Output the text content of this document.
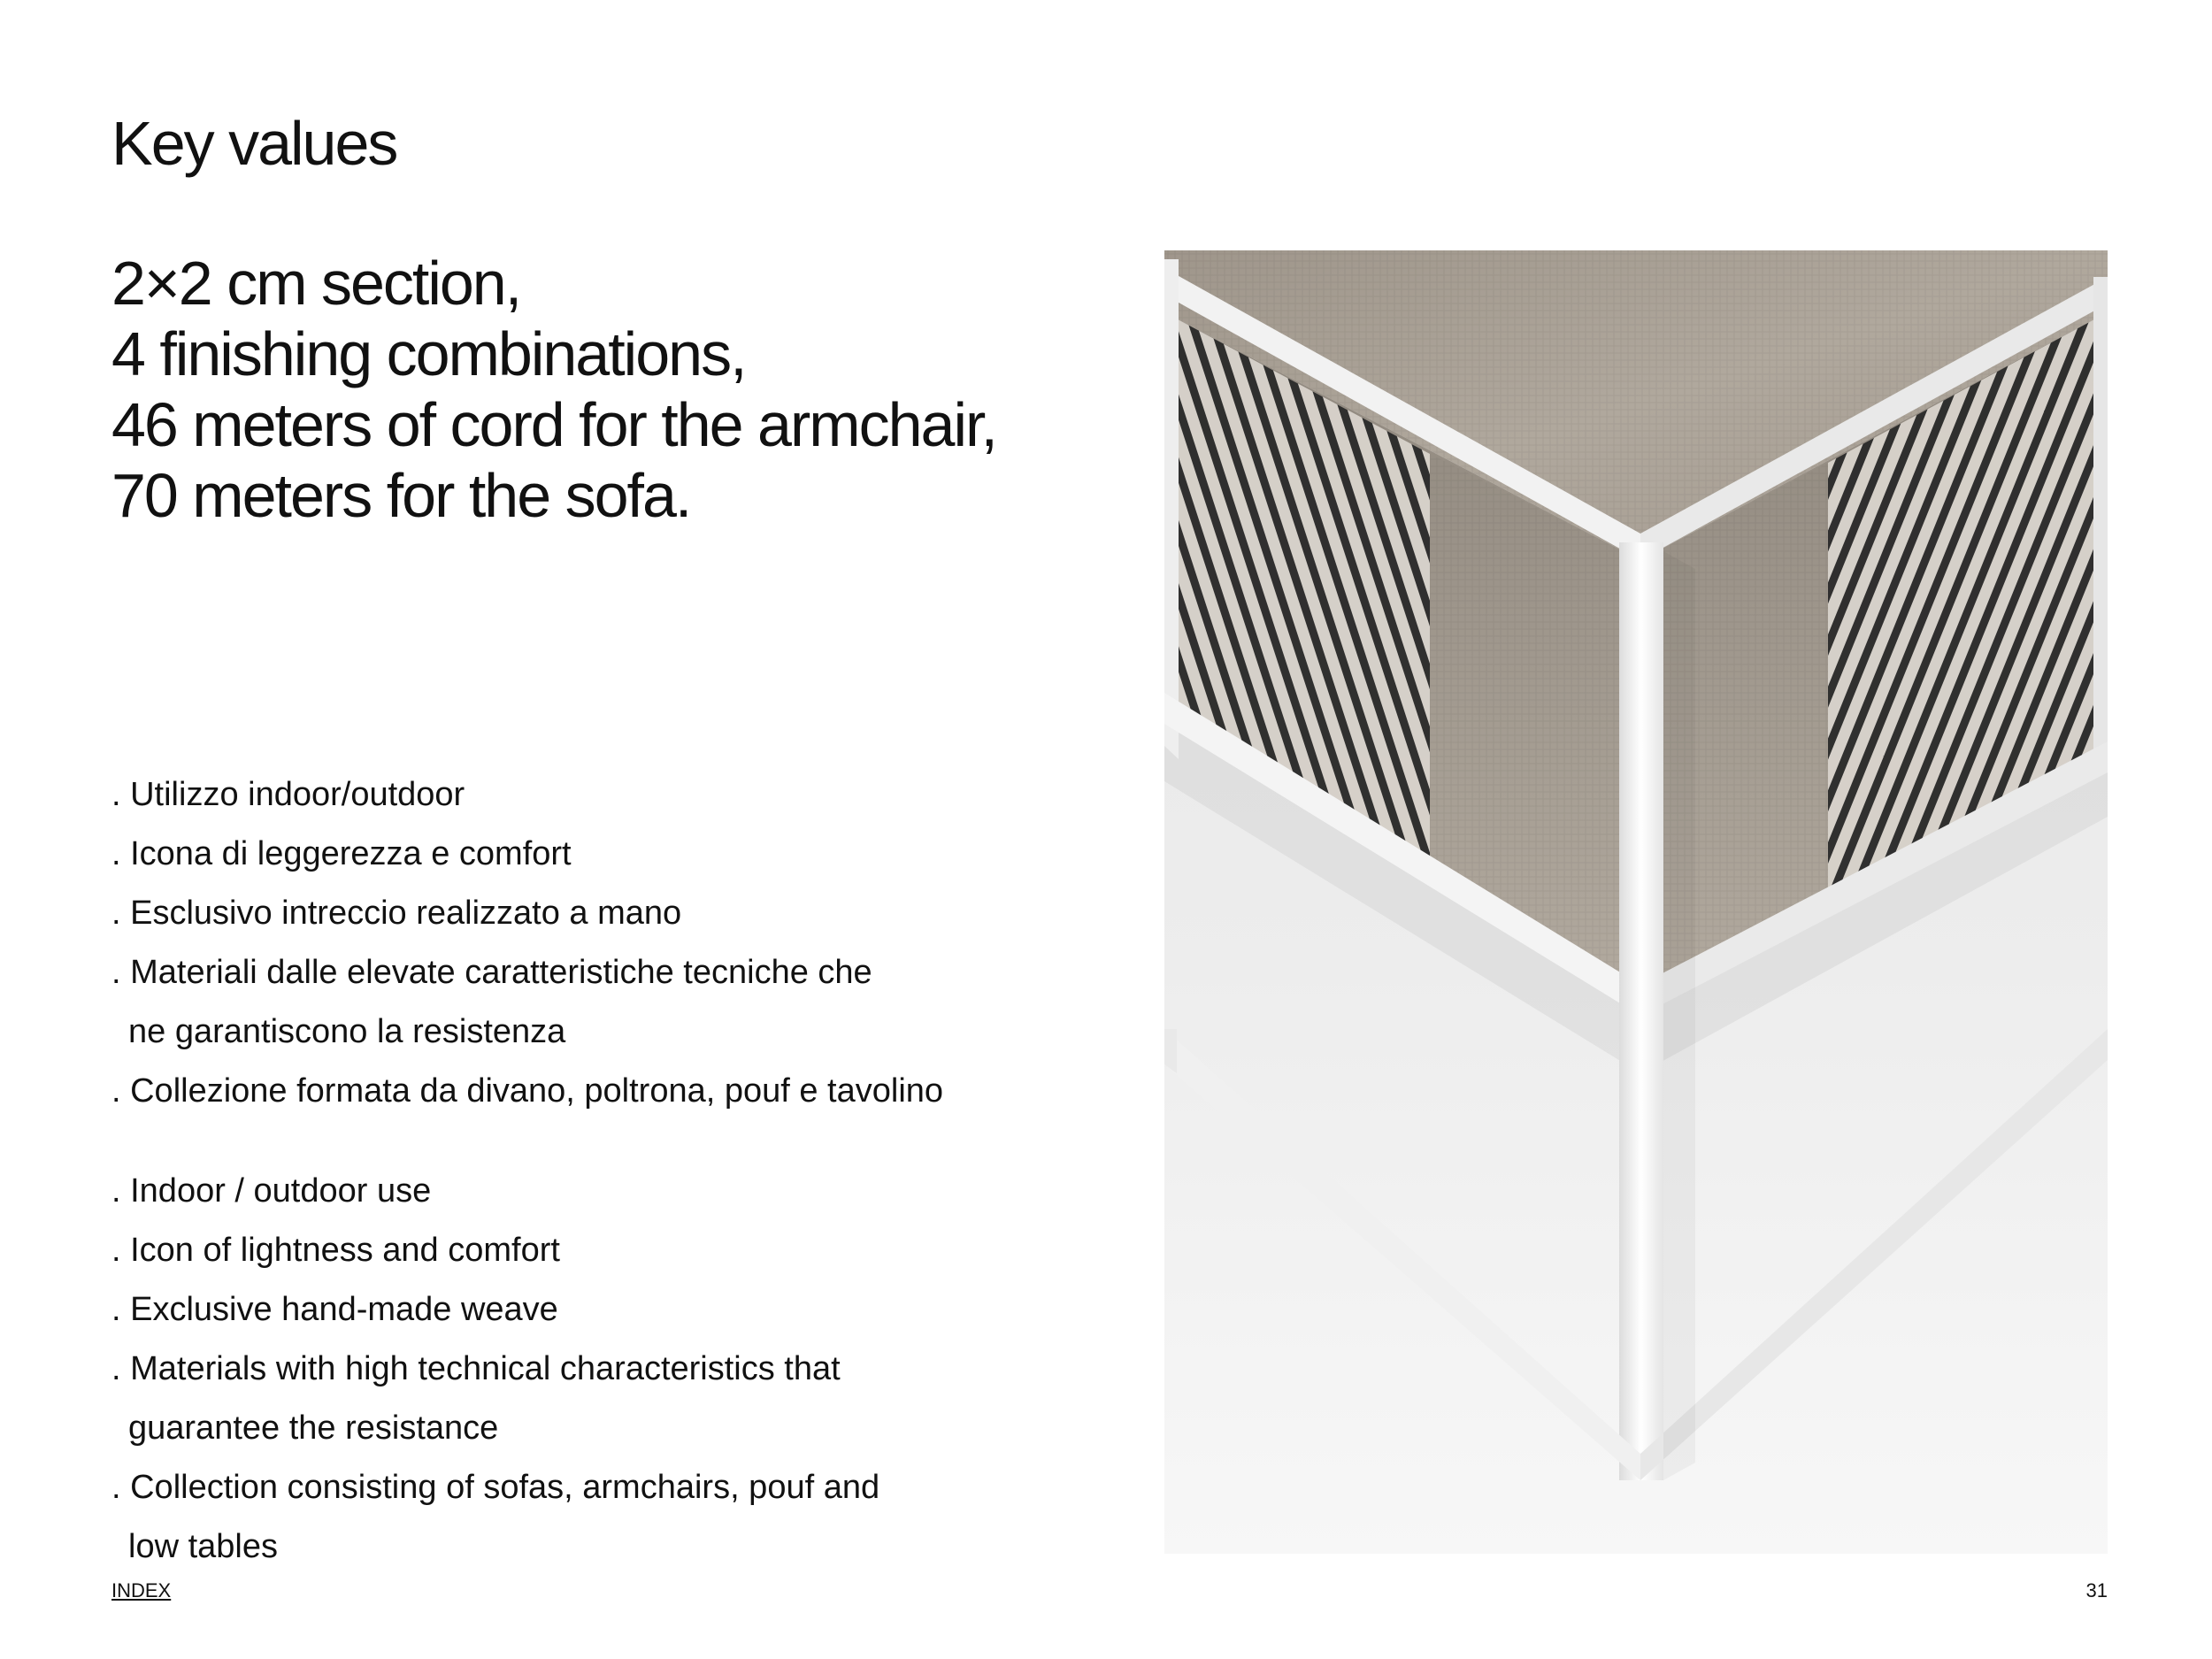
Key values
2×2 cm section,
4 finishing combinations,
46 meters of cord for the armchair,
70 meters for the sofa.
. Utilizzo indoor/outdoor
. Icona di leggerezza e comfort
. Esclusivo intreccio realizzato a mano
. Materiali dalle elevate caratteristiche tecniche che
ne garantiscono la resistenza
. Collezione formata da divano, poltrona, pouf e tavolino
. Indoor / outdoor use
. Icon of lightness and comfort
. Exclusive hand-made weave
. Materials with high technical characteristics that
guarantee the resistance
. Collection consisting of sofas, armchairs, pouf and
low tables
INDEX	31
